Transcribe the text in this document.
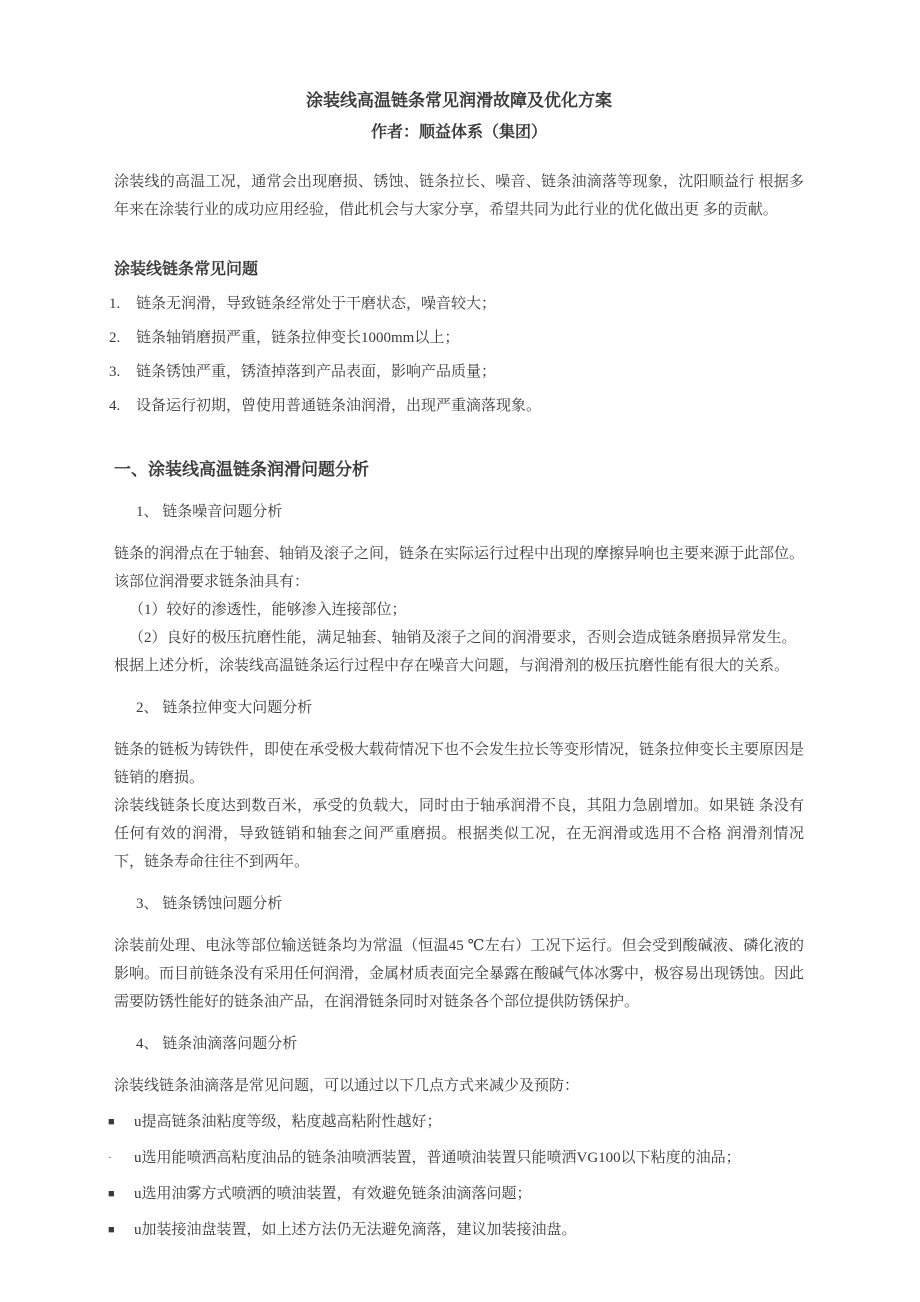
涂装线高温链条常见润滑故障及优化方案

作者：顺益体系（集团）

涂装线的高温工况，通常会出现磨损、锈蚀、链条拉长、噪音、链条油滴落等现象，沈阳顺益行 根据多年来在涂装行业的成功应用经验，借此机会与大家分享，希望共同为此行业的优化做出更 多的贡献。

涂装线链条常见问题

1.	链条无润滑，导致链条经常处于干磨状态，噪音较大；
2.	链条轴销磨损严重，链条拉伸变长1000mm以上；
3.	链条锈蚀严重，锈渣掉落到产品表面，影响产品质量；
4.	设备运行初期，曾使用普通链条油润滑，出现严重滴落现象。

一、涂装线高温链条润滑问题分析

1、 链条噪音问题分析

链条的润滑点在于轴套、轴销及滚子之间，链条在实际运行过程中出现的摩擦异响也主要来源于此部位。该部位润滑要求链条油具有：

（1）较好的渗透性，能够渗入连接部位；

（2）良好的极压抗磨性能，满足轴套、轴销及滚子之间的润滑要求，否则会造成链条磨损异常发生。

根据上述分析，涂装线高温链条运行过程中存在噪音大问题，与润滑剂的极压抗磨性能有很大的关系。

2、 链条拉伸变大问题分析

链条的链板为铸铁件，即使在承受极大载荷情况下也不会发生拉长等变形情况，链条拉伸变长主要原因是链销的磨损。

涂装线链条长度达到数百米，承受的负载大，同时由于轴承润滑不良，其阻力急剧增加。如果链 条没有任何有效的润滑，导致链销和轴套之间严重磨损。根据类似工况，在无润滑或选用不合格 润滑剂情况下，链条寿命往往不到两年。

3、 链条锈蚀问题分析

涂装前处理、电泳等部位输送链条均为常温（恒温45 ℃左右）工况下运行。但会受到酸碱液、磷化液的影响。而目前链条没有采用任何润滑，金属材质表面完全暴露在酸碱气体冰雾中，极容易出现锈蚀。因此需要防锈性能好的链条油产品，在润滑链条同时对链条各个部位提供防锈保护。

4、 链条油滴落问题分析

涂装线链条油滴落是常见问题，可以通过以下几点方式来减少及预防：

■	u提高链条油粘度等级，粘度越高粘附性越好；
·	u选用能喷洒高粘度油品的链条油喷洒装置，普通喷油装置只能喷洒VG100以下粘度的油品；
■	u选用油雾方式喷洒的喷油装置，有效避免链条油滴落问题；
■	u加装接油盘装置，如上述方法仍无法避免滴落，建议加装接油盘。
